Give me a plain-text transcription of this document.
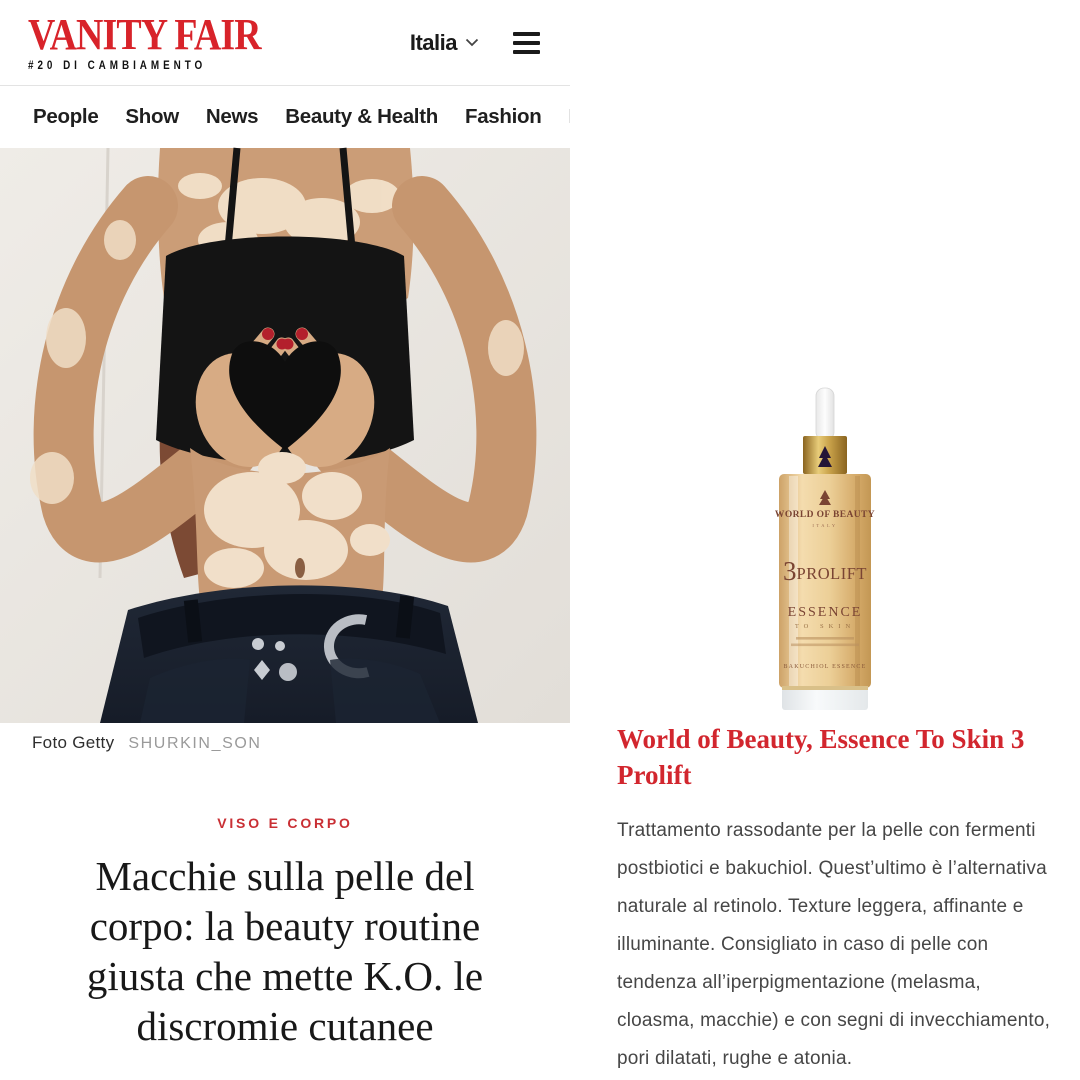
VANITY FAIR
#20 DI CAMBIAMENTO
Italia
People Show News Beauty & Health Fashion
Foto Getty SHURKIN_SON
VISO E CORPO
Macchie sulla pelle del
corpo: la beauty routine
giusta che mette K.O. le
discromie cutanee
WORLD OF BEAUTY
ITALY
3PROLIFT
ESSENCE
TO SKIN
BAKUCHIOL ESSENCE
World of Beauty, Essence To Skin 3 Prolift

Trattamento rassodante per la pelle con fermenti postbiotici e bakuchiol. Quest’ultimo è l’alternativa naturale al retinolo. Texture leggera, affinante e illuminante. Consigliato in caso di pelle con tendenza all’iperpigmentazione (melasma, cloasma, macchie) e con segni di invecchiamento, pori dilatati, rughe e atonia.
